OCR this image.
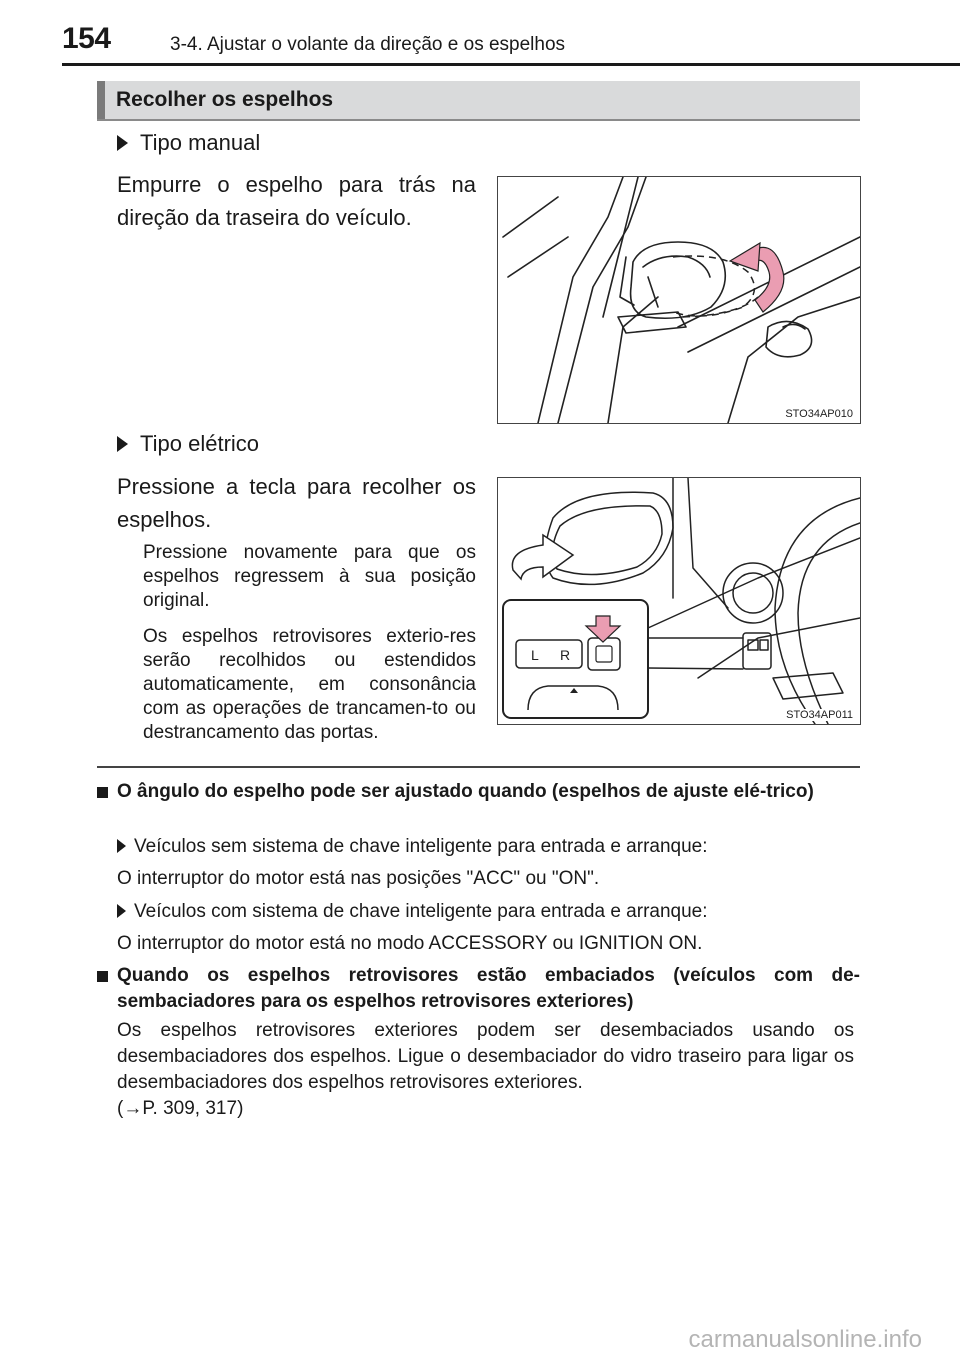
154	3-4. Ajustar o volante da direção e os espelhos
Recolher os espelhos
Tipo manual
Empurre o espelho para trás na direção da traseira do veículo.
STO34AP010
Tipo elétrico
Pressione a tecla para recolher os espelhos.
Pressione novamente para que os espelhos regressem à sua posição original.
Os espelhos retrovisores exterio-res serão recolhidos ou estendidos automaticamente, em consonância com as operações de trancamen-to ou destrancamento das portas.
L R
STO34AP011
O ângulo do espelho pode ser ajustado quando (espelhos de ajuste elé-trico)
Veículos sem sistema de chave inteligente para entrada e arranque:
O interruptor do motor está nas posições "ACC" ou "ON".
Veículos com sistema de chave inteligente para entrada e arranque:
O interruptor do motor está no modo ACCESSORY ou IGNITION ON.
Quando os espelhos retrovisores estão embaciados (veículos com de-sembaciadores para os espelhos retrovisores exteriores)
Os espelhos retrovisores exteriores podem ser desembaciados usando os desembaciadores dos espelhos. Ligue o desembaciador do vidro traseiro para ligar os desembaciadores dos espelhos retrovisores exteriores.
(→P. 309, 317)
carmanualsonline.info
